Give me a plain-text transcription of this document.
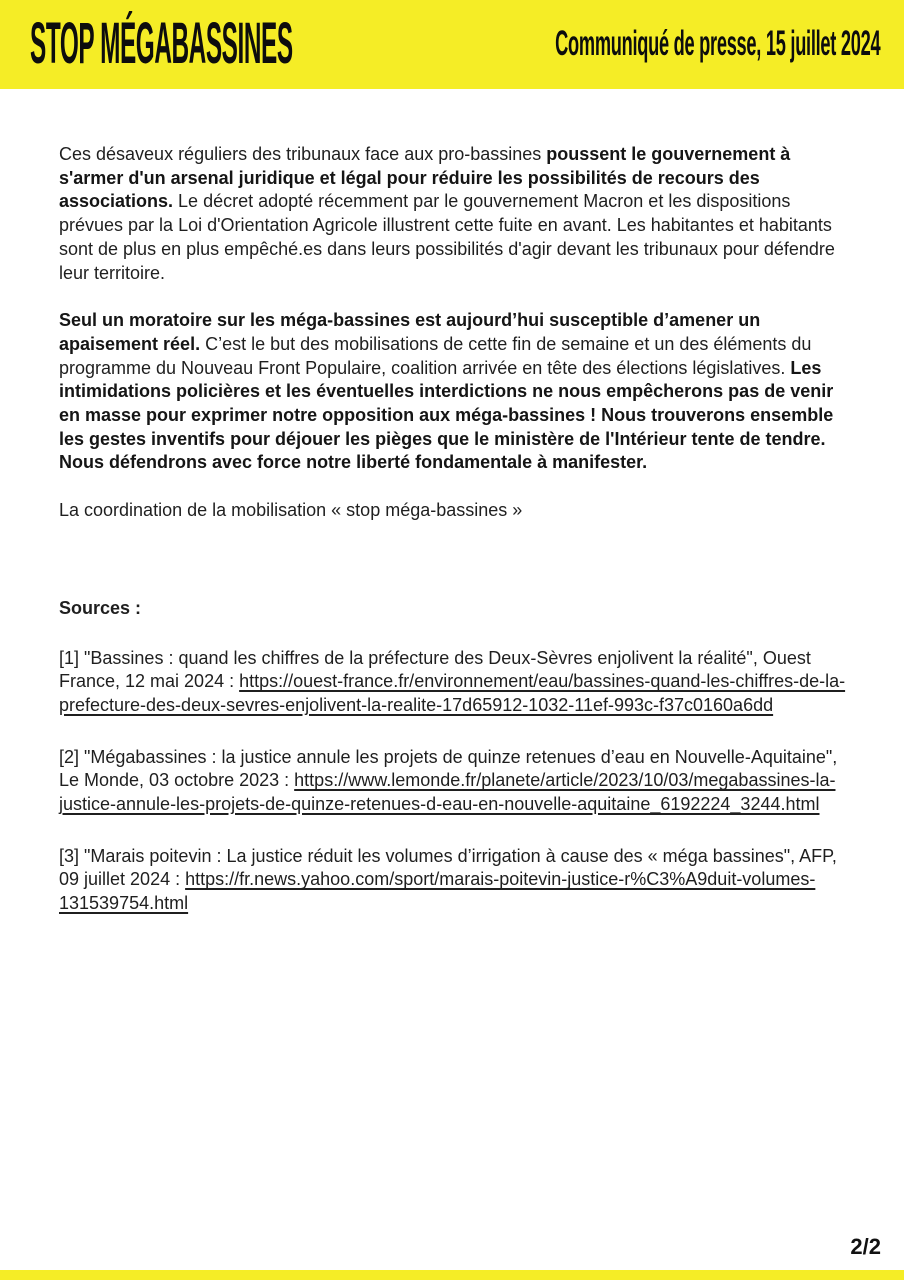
STOP MÉGABASSINES	Communiqué de presse, 15 juillet 2024

Ces désaveux réguliers des tribunaux face aux pro-bassines poussent le gouvernement à s'armer d'un arsenal juridique et légal pour réduire les possibilités de recours des associations. Le décret adopté récemment par le gouvernement Macron et les dispositions prévues par la Loi d'Orientation Agricole illustrent cette fuite en avant. Les habitantes et habitants sont de plus en plus empêché.es dans leurs possibilités d'agir devant les tribunaux pour défendre leur territoire.

Seul un moratoire sur les méga-bassines est aujourd’hui susceptible d’amener un apaisement réel. C’est le but des mobilisations de cette fin de semaine et un des éléments du programme du Nouveau Front Populaire, coalition arrivée en tête des élections législatives. Les intimidations policières et les éventuelles interdictions ne nous empêcherons pas de venir en masse pour exprimer notre opposition aux méga-bassines ! Nous trouverons ensemble les gestes inventifs pour déjouer les pièges que le ministère de l'Intérieur tente de tendre. Nous défendrons avec force notre liberté fondamentale à manifester.

La coordination de la mobilisation « stop méga-bassines »

Sources :

[1] "Bassines : quand les chiffres de la préfecture des Deux-Sèvres enjolivent la réalité", Ouest France, 12 mai 2024 : https://ouest-france.fr/environnement/eau/bassines-quand-les-chiffres-de-la-prefecture-des-deux-sevres-enjolivent-la-realite-17d65912-1032-11ef-993c-f37c0160a6dd

[2] "Mégabassines : la justice annule les projets de quinze retenues d’eau en Nouvelle-Aquitaine", Le Monde, 03 octobre 2023 : https://www.lemonde.fr/planete/article/2023/10/03/megabassines-la-justice-annule-les-projets-de-quinze-retenues-d-eau-en-nouvelle-aquitaine_6192224_3244.html

[3] "Marais poitevin : La justice réduit les volumes d’irrigation à cause des « méga bassines", AFP, 09 juillet 2024 : https://fr.news.yahoo.com/sport/marais-poitevin-justice-r%C3%A9duit-volumes-131539754.html

2/2
